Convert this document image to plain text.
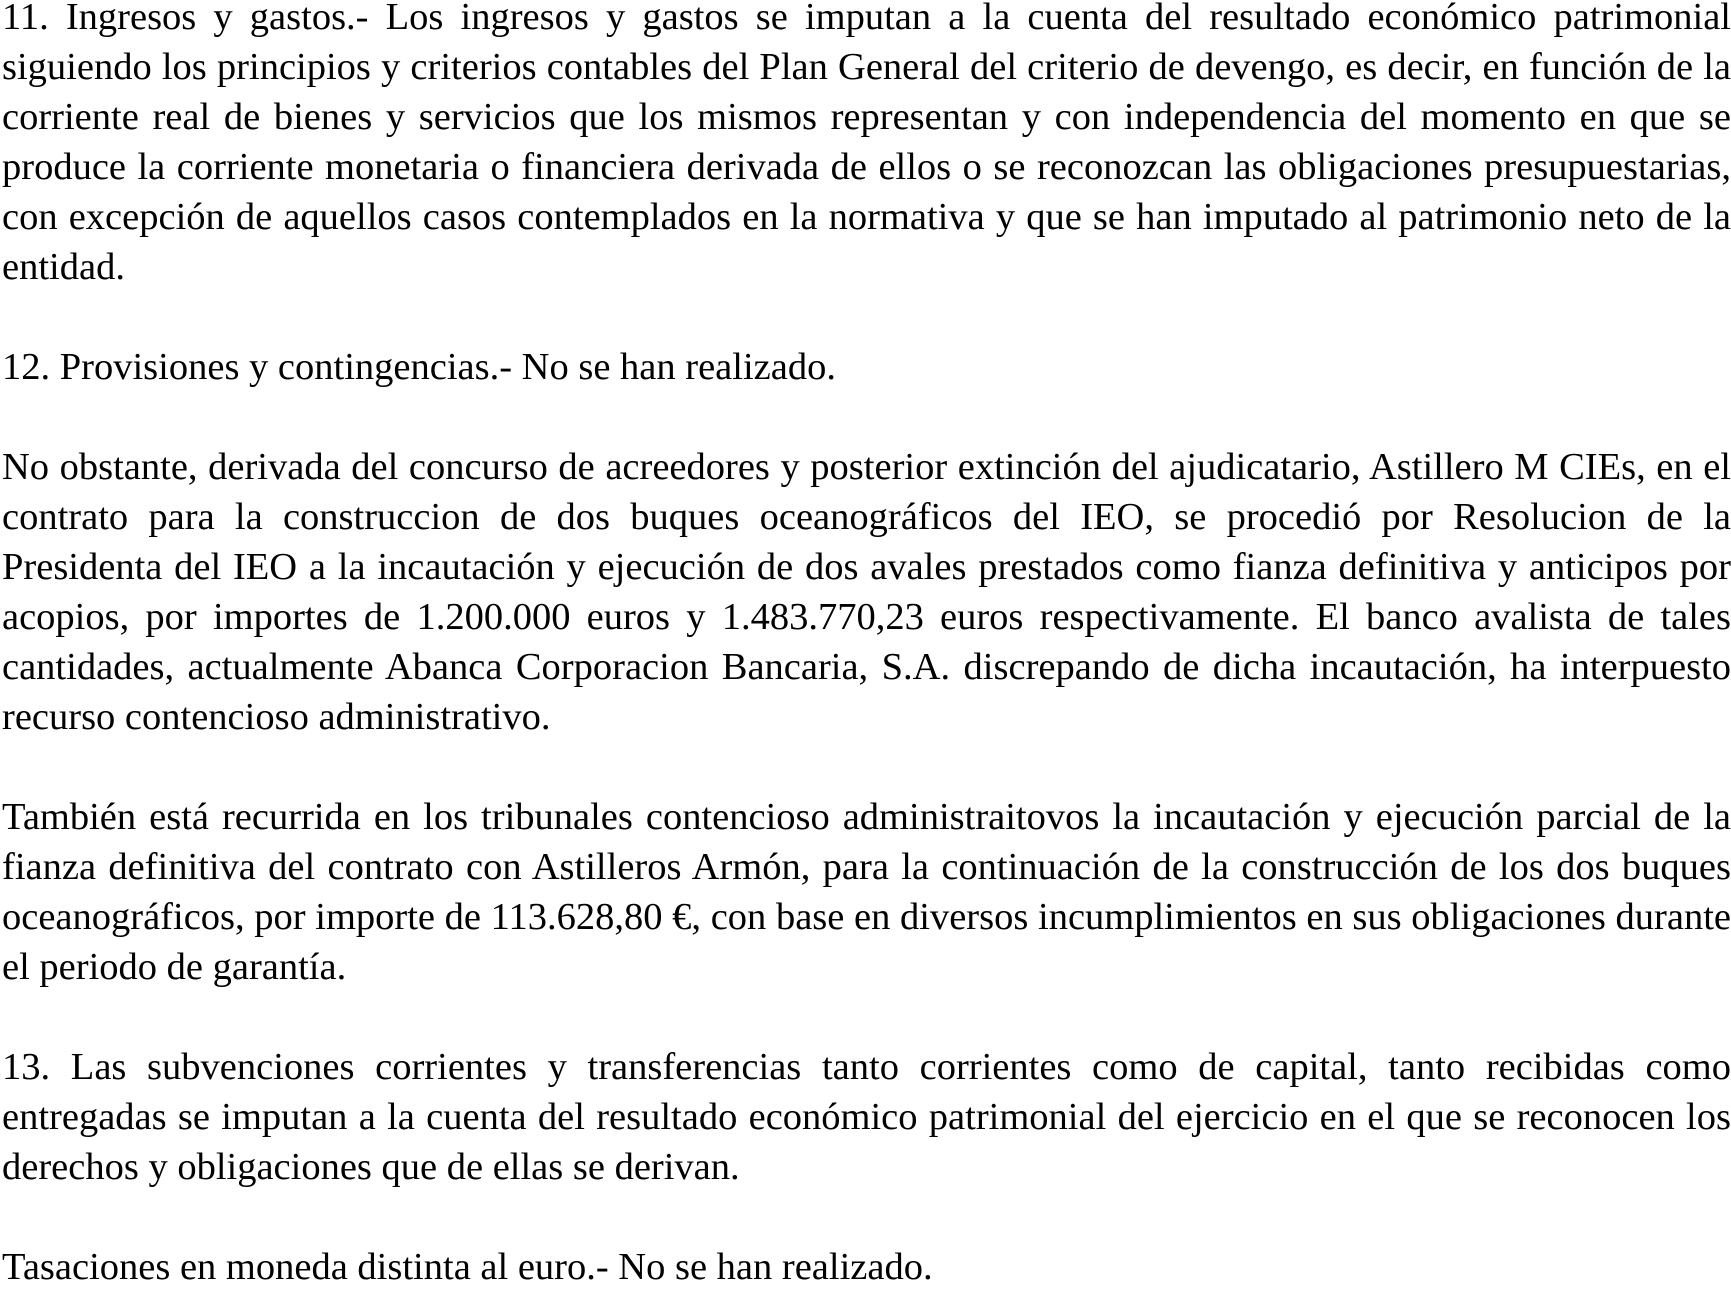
11. Ingresos y gastos.- Los ingresos y gastos se imputan a la cuenta del resultado económico patrimonial siguiendo los principios y criterios contables del Plan General del criterio de devengo, es decir, en función de la corriente real de bienes y servicios que los mismos representan y con independencia del momento en que se produce la corriente monetaria o financiera derivada de ellos o se reconozcan las obligaciones presupuestarias, con excepción de aquellos casos contemplados en la normativa y que se han imputado al patrimonio neto de la entidad.

12. Provisiones y contingencias.- No se han realizado.

No obstante, derivada del concurso de acreedores y posterior extinción del ajudicatario, Astillero M CIEs, en el contrato para la construccion de dos buques oceanográficos del IEO, se procedió por Resolucion de la Presidenta del IEO a la incautación y ejecución de dos avales prestados como fianza definitiva y anticipos por acopios, por importes de 1.200.000 euros y 1.483.770,23 euros respectivamente. El banco avalista de tales cantidades, actualmente Abanca Corporacion Bancaria, S.A. discrepando de dicha incautación, ha interpuesto recurso contencioso administrativo.

También está recurrida en los tribunales contencioso administraitovos la incautación y ejecución parcial de la fianza definitiva del contrato con Astilleros Armón, para la continuación de la construcción de los dos buques oceanográficos, por importe de 113.628,80 €, con base en diversos incumplimientos en sus obligaciones durante el periodo de garantía.

13. Las subvenciones corrientes y transferencias tanto corrientes como de capital, tanto recibidas como entregadas se imputan a la cuenta del resultado económico patrimonial del ejercicio en el que se reconocen los derechos y obligaciones que de ellas se derivan.

Tasaciones en moneda distinta al euro.- No se han realizado.
